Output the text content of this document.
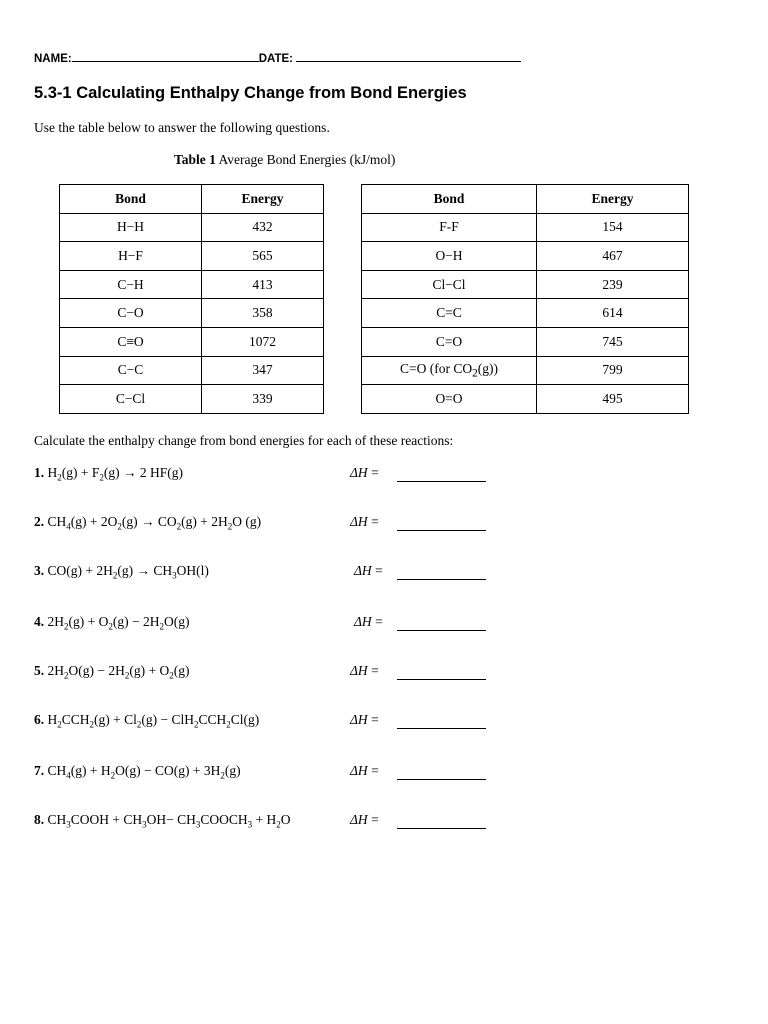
NAME:	DATE:
5.3-1 Calculating Enthalpy Change from Bond Energies
Use the table below to answer the following questions.
Table 1 Average Bond Energies (kJ/mol)
Bond	Energy
H−H	432
H−F	565
C−H	413
C−O	358
C≡O	1072
C−C	347
C−Cl	339
Bond	Energy
F-F	154
O−H	467
Cl−Cl	239
C=C	614
C=O	745
C=O (for $CO_2(g)$)	799
O=O	495
Calculate the enthalpy change from bond energies for each of these reactions:
1. $H_2(g) + F_2(g) \to 2$ HF(g)	ΔH =
2. $CH_4(g) + 2O_2(g) \to CO_2(g) + 2H_2O$ (g)	ΔH =
3. $CO(g) + 2H_2(g) \to CH_3OH(l)$	ΔH =
4. $2H_2(g) + O_2(g) - 2H_2O(g)$	ΔH =
5. $2H_2O(g) - 2H_2(g) + O_2(g)$	ΔH =
6. $H_2CCH_2(g) + Cl_2(g) - ClH_2CCH_2Cl(g)$	ΔH =
7. $CH_4(g) + H_2O(g) - CO(g) + 3H_2(g)$	ΔH =
8. $CH_3COOH + CH_3OH-$ $CH_3COOCH_3 + H_2O$	ΔH =
